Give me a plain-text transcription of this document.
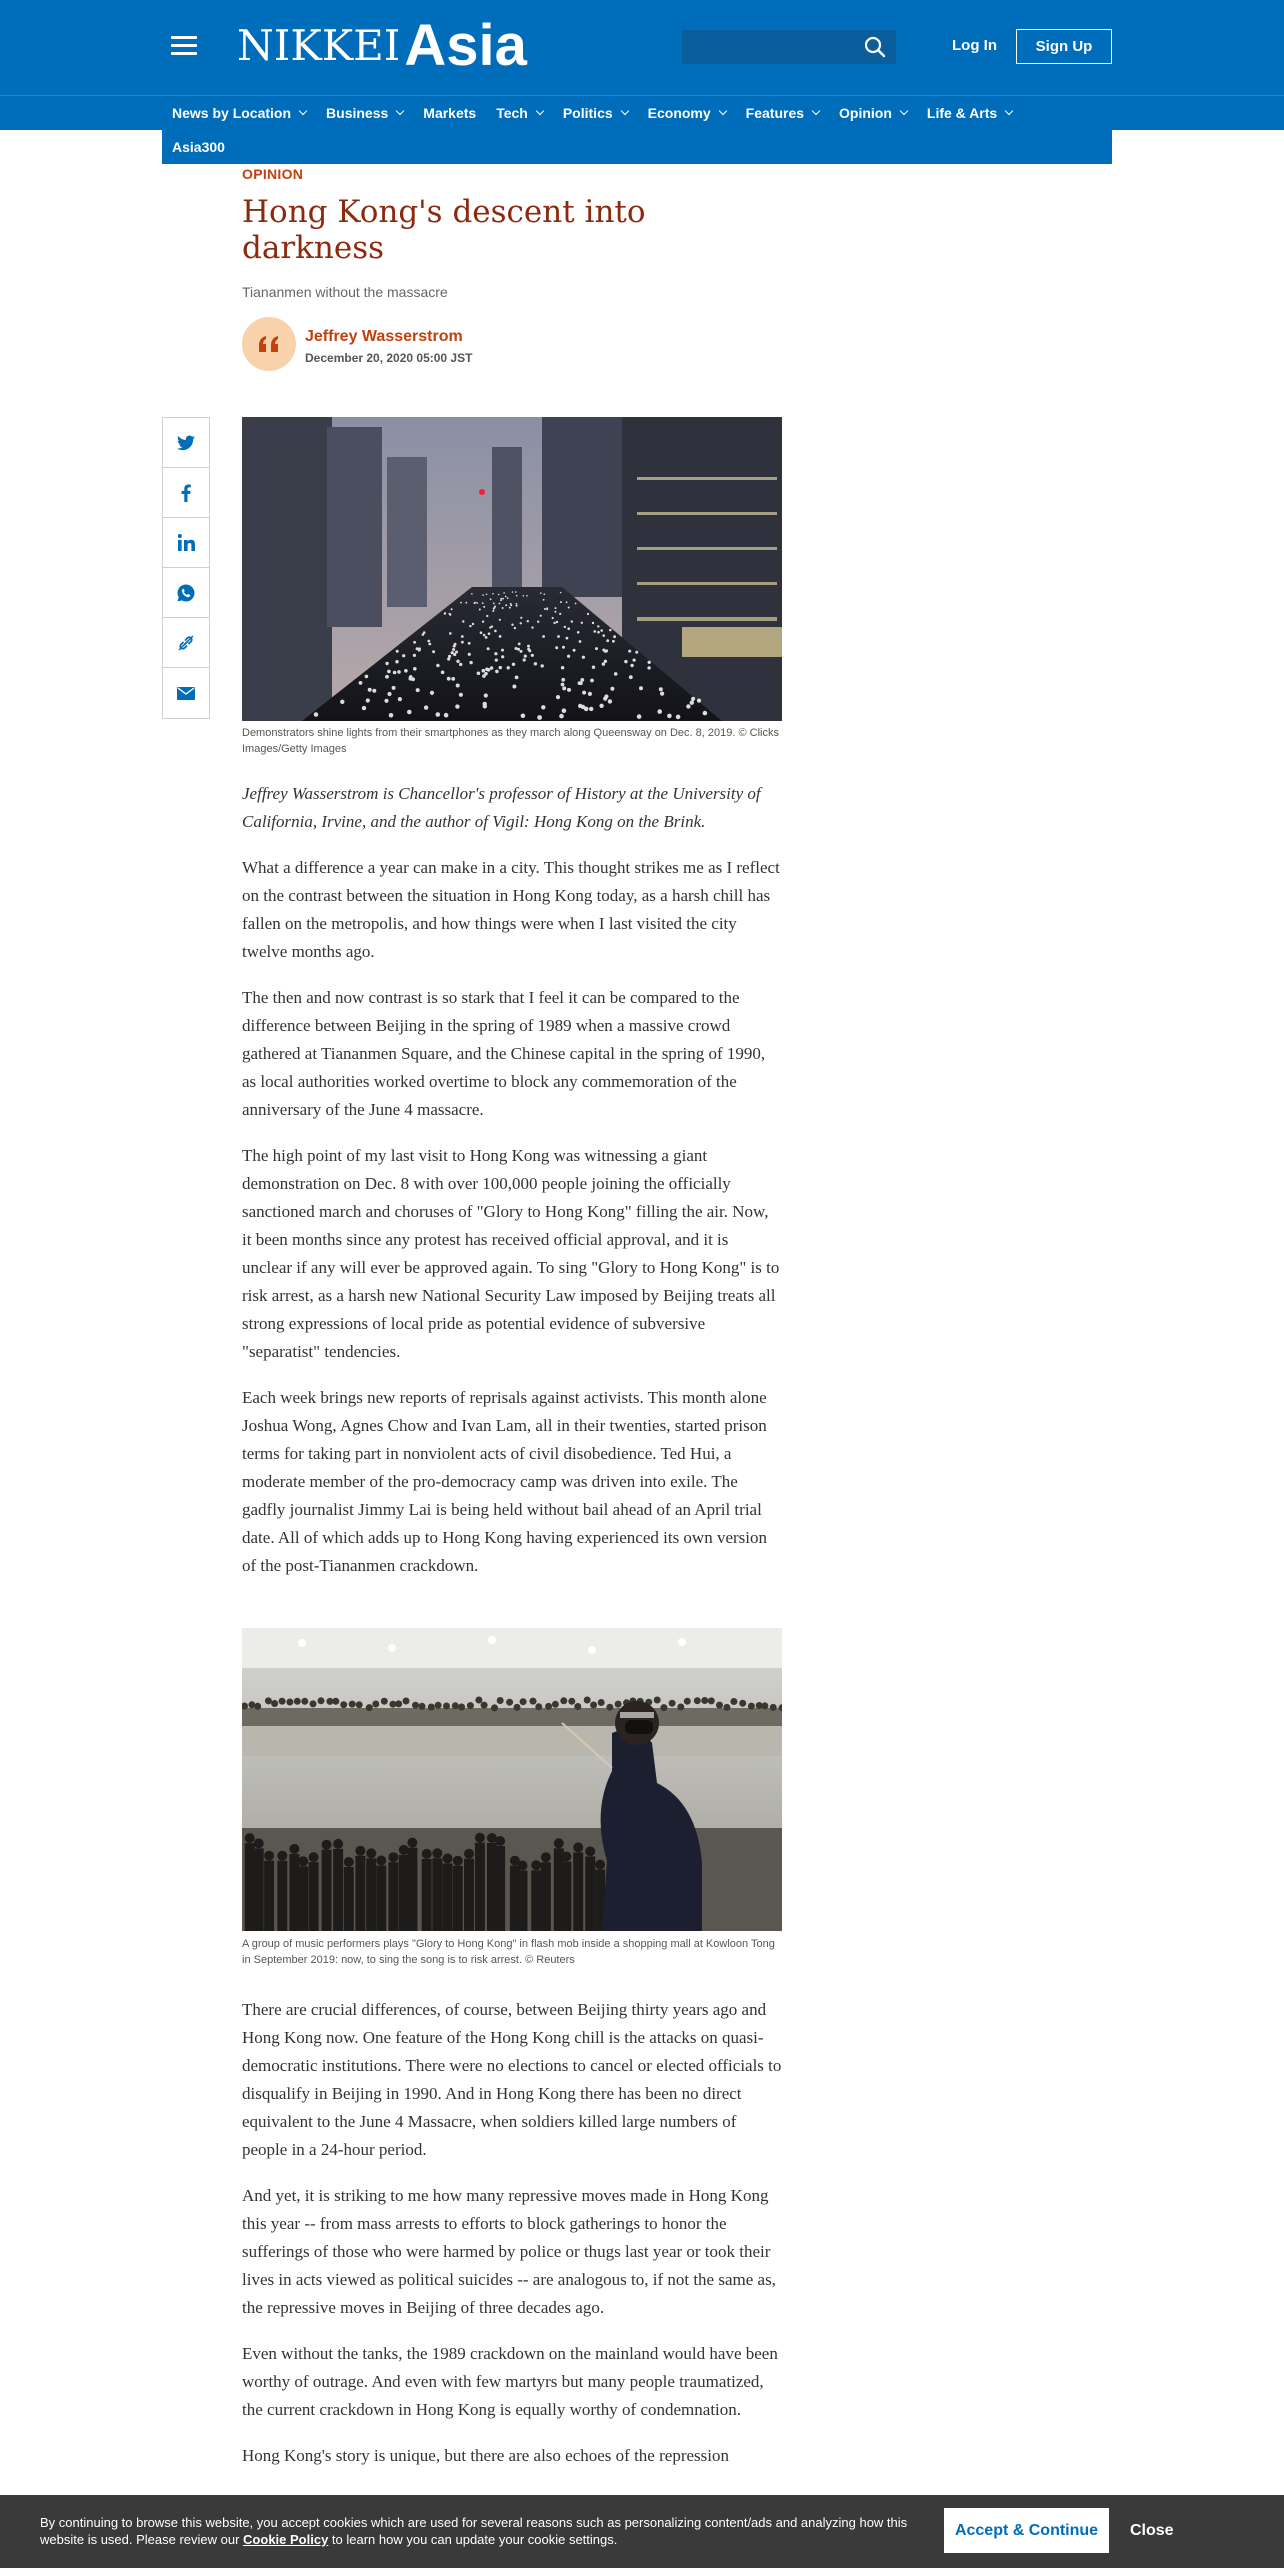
NIKKEIAsia	Log In	Sign Up
News by Location	Business	Markets Tech	Politics	Economy	Features	Opinion	Life & Arts
Asia300
OPINION
Hong Kong's descent into darkness
Tiananmen without the massacre
Jeffrey Wasserstrom
December 20, 2020 05:00 JST
Demonstrators shine lights from their smartphones as they march along Queensway on Dec. 8, 2019. © Clicks Images/Getty Images

Jeffrey Wasserstrom is Chancellor's professor of History at the University of California, Irvine, and the author of Vigil: Hong Kong on the Brink.

What a difference a year can make in a city. This thought strikes me as I reflect on the contrast between the situation in Hong Kong today, as a harsh chill has fallen on the metropolis, and how things were when I last visited the city twelve months ago.

The then and now contrast is so stark that I feel it can be compared to the difference between Beijing in the spring of 1989 when a massive crowd gathered at Tiananmen Square, and the Chinese capital in the spring of 1990, as local authorities worked overtime to block any commemoration of the anniversary of the June 4 massacre.

The high point of my last visit to Hong Kong was witnessing a giant demonstration on Dec. 8 with over 100,000 people joining the officially sanctioned march and choruses of "Glory to Hong Kong" filling the air. Now, it been months since any protest has received official approval, and it is unclear if any will ever be approved again. To sing "Glory to Hong Kong" is to risk arrest, as a harsh new National Security Law imposed by Beijing treats all strong expressions of local pride as potential evidence of subversive "separatist" tendencies.

Each week brings new reports of reprisals against activists. This month alone Joshua Wong, Agnes Chow and Ivan Lam, all in their twenties, started prison terms for taking part in nonviolent acts of civil disobedience. Ted Hui, a moderate member of the pro-democracy camp was driven into exile. The gadfly journalist Jimmy Lai is being held without bail ahead of an April trial date. All of which adds up to Hong Kong having experienced its own version of the post-Tiananmen crackdown.

A group of music performers plays "Glory to Hong Kong" in flash mob inside a shopping mall at Kowloon Tong in September 2019: now, to sing the song is to risk arrest. © Reuters

There are crucial differences, of course, between Beijing thirty years ago and Hong Kong now. One feature of the Hong Kong chill is the attacks on quasi-democratic institutions. There were no elections to cancel or elected officials to disqualify in Beijing in 1990. And in Hong Kong there has been no direct equivalent to the June 4 Massacre, when soldiers killed large numbers of people in a 24-hour period.

And yet, it is striking to me how many repressive moves made in Hong Kong this year -- from mass arrests to efforts to block gatherings to honor the sufferings of those who were harmed by police or thugs last year or took their lives in acts viewed as political suicides -- are analogous to, if not the same as, the repressive moves in Beijing of three decades ago.

Even without the tanks, the 1989 crackdown on the mainland would have been worthy of outrage. And even with few martyrs but many people traumatized, the current crackdown in Hong Kong is equally worthy of condemnation.

Hong Kong's story is unique, but there are also echoes of the repression

By continuing to browse this website, you accept cookies which are used for several reasons such as personalizing content/ads and analyzing how this website is used. Please review our Cookie Policy to learn how you can update your cookie settings.
Accept & Continue	Close
